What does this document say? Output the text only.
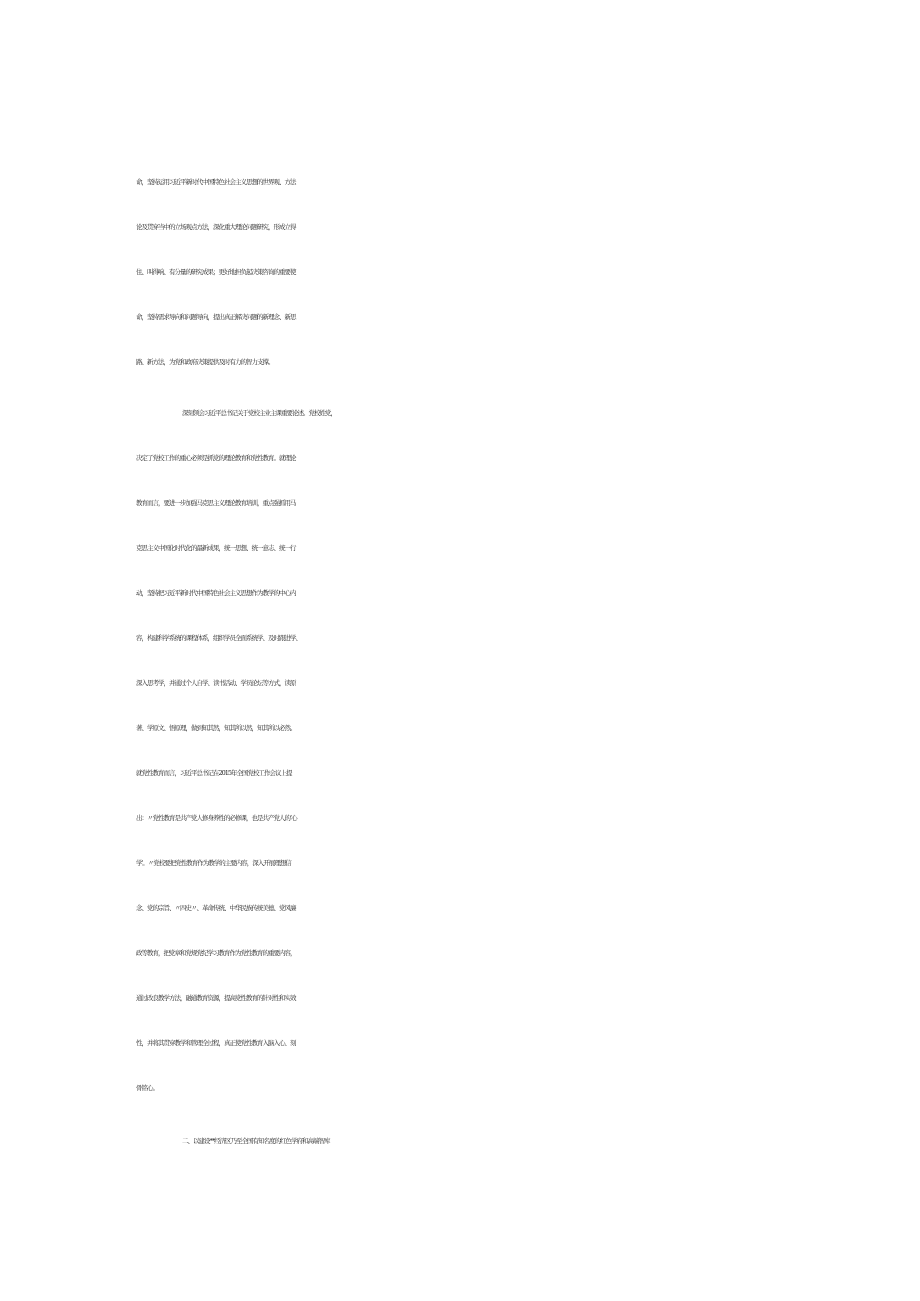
命，坚持运用习近平新时代中国特色社会主义思想的世界观、方法
论及贯穿当中的立场观点方法，深化重大理论问题研究，形成立得
住、叫得响、有分量的研究成果；更好地担负起决策咨询的重要使
命，坚持需求导向和问题导向，提出真正解决问题的新理念、新思
路、新方法，为党和政府决策提供及时有力的智力支撑。
深刻领会习近平总书记关于党校主业主课重要论述。党校姓党，
决定了党校工作的重心必须是抓党的理论教育和党性教育。就理论
教育而言，要进一步加强马克思主义理论教育培训，重点强抓用马
克思主义中国化时代化的最新成果，统一思想、统一意志、统一行
动，坚持把习近平新时代中国特色社会主义思想作为教学的中心内
容，构建科学系统的课程体系，组织学员全面系统学、及时跟进学、
深入思考学，并通过个人自学、读书活动、学员论坛等方式，读原
著、学原文、悟原理，做到知其然，知其所以然，知其所以必然。
就党性教育而言，习近平总书记在2015年全国党校工作会议上提
出：〃党性教育是共产党人修身养性的必修课，也是共产党人的‘心
学'。〃党校要把党性教育作为教学的主要内容，深入开展理想信
念、党的宗旨、〃四史〃、革命传统、中华民族传统美德、党风廉
政等教育，把党章和党规党纪学习教育作为党性教育的重要内容，
通过改良教学方法，融通教育资源，提高党性教育的针对性和实效
性，并将其贯穿教学和管理全过程，真正使党性教育入脑入心、刻
骨铭心。
二、以建设**经济区乃至全国有知名度的红色学府和高端智库
